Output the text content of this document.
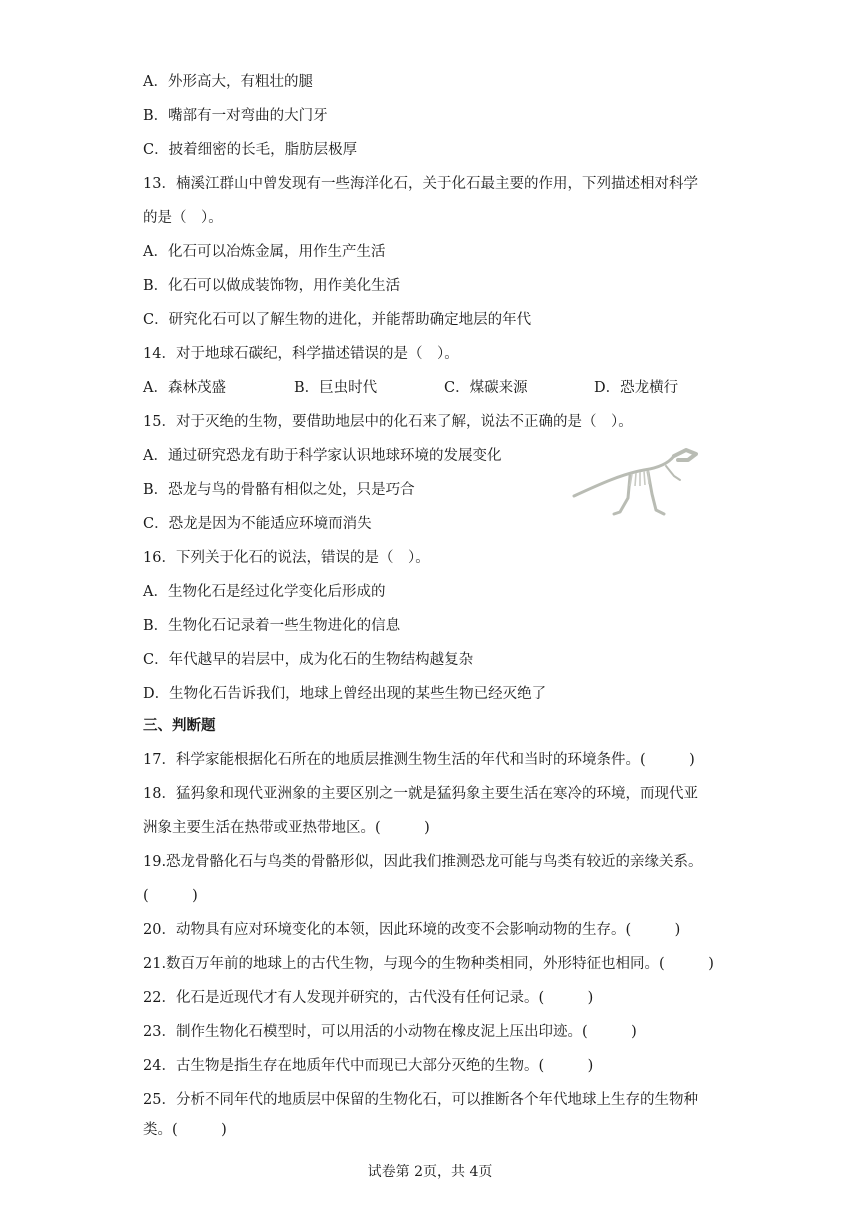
A．外形高大，有粗壮的腿
B．嘴部有一对弯曲的大门牙
C．披着细密的长毛，脂肪层极厚
13．楠溪江群山中曾发现有一些海洋化石，关于化石最主要的作用，下列描述相对科学
的是（　）。
A．化石可以冶炼金属，用作生产生活
B．化石可以做成装饰物，用作美化生活
C．研究化石可以了解生物的进化，并能帮助确定地层的年代
14．对于地球石碳纪，科学描述错误的是（　）。
A．森林茂盛	B．巨虫时代	C．煤碳来源	D．恐龙横行
15．对于灭绝的生物，要借助地层中的化石来了解，说法不正确的是（　）。
A．通过研究恐龙有助于科学家认识地球环境的发展变化
B．恐龙与鸟的骨骼有相似之处，只是巧合
C．恐龙是因为不能适应环境而消失
16．下列关于化石的说法，错误的是（　）。
A．生物化石是经过化学变化后形成的
B．生物化石记录着一些生物进化的信息
C．年代越早的岩层中，成为化石的生物结构越复杂
D．生物化石告诉我们，地球上曾经出现的某些生物已经灭绝了
三、判断题
17．科学家能根据化石所在的地质层推测生物生活的年代和当时的环境条件。(　　　)
18．猛犸象和现代亚洲象的主要区别之一就是猛犸象主要生活在寒冷的环境，而现代亚
洲象主要生活在热带或亚热带地区。(　　　)
19.恐龙骨骼化石与鸟类的骨骼形似，因此我们推测恐龙可能与鸟类有较近的亲缘关系。
(　　　)
20．动物具有应对环境变化的本领，因此环境的改变不会影响动物的生存。(　　　)
21.数百万年前的地球上的古代生物，与现今的生物种类相同，外形特征也相同。(　　　)
22．化石是近现代才有人发现并研究的，古代没有任何记录。(　　　)
23．制作生物化石模型时，可以用活的小动物在橡皮泥上压出印迹。(　　　)
24．古生物是指生存在地质年代中而现已大部分灭绝的生物。(　　　)
25．分析不同年代的地质层中保留的生物化石，可以推断各个年代地球上生存的生物种
类。(　　　)
试卷第 2页，共 4页
